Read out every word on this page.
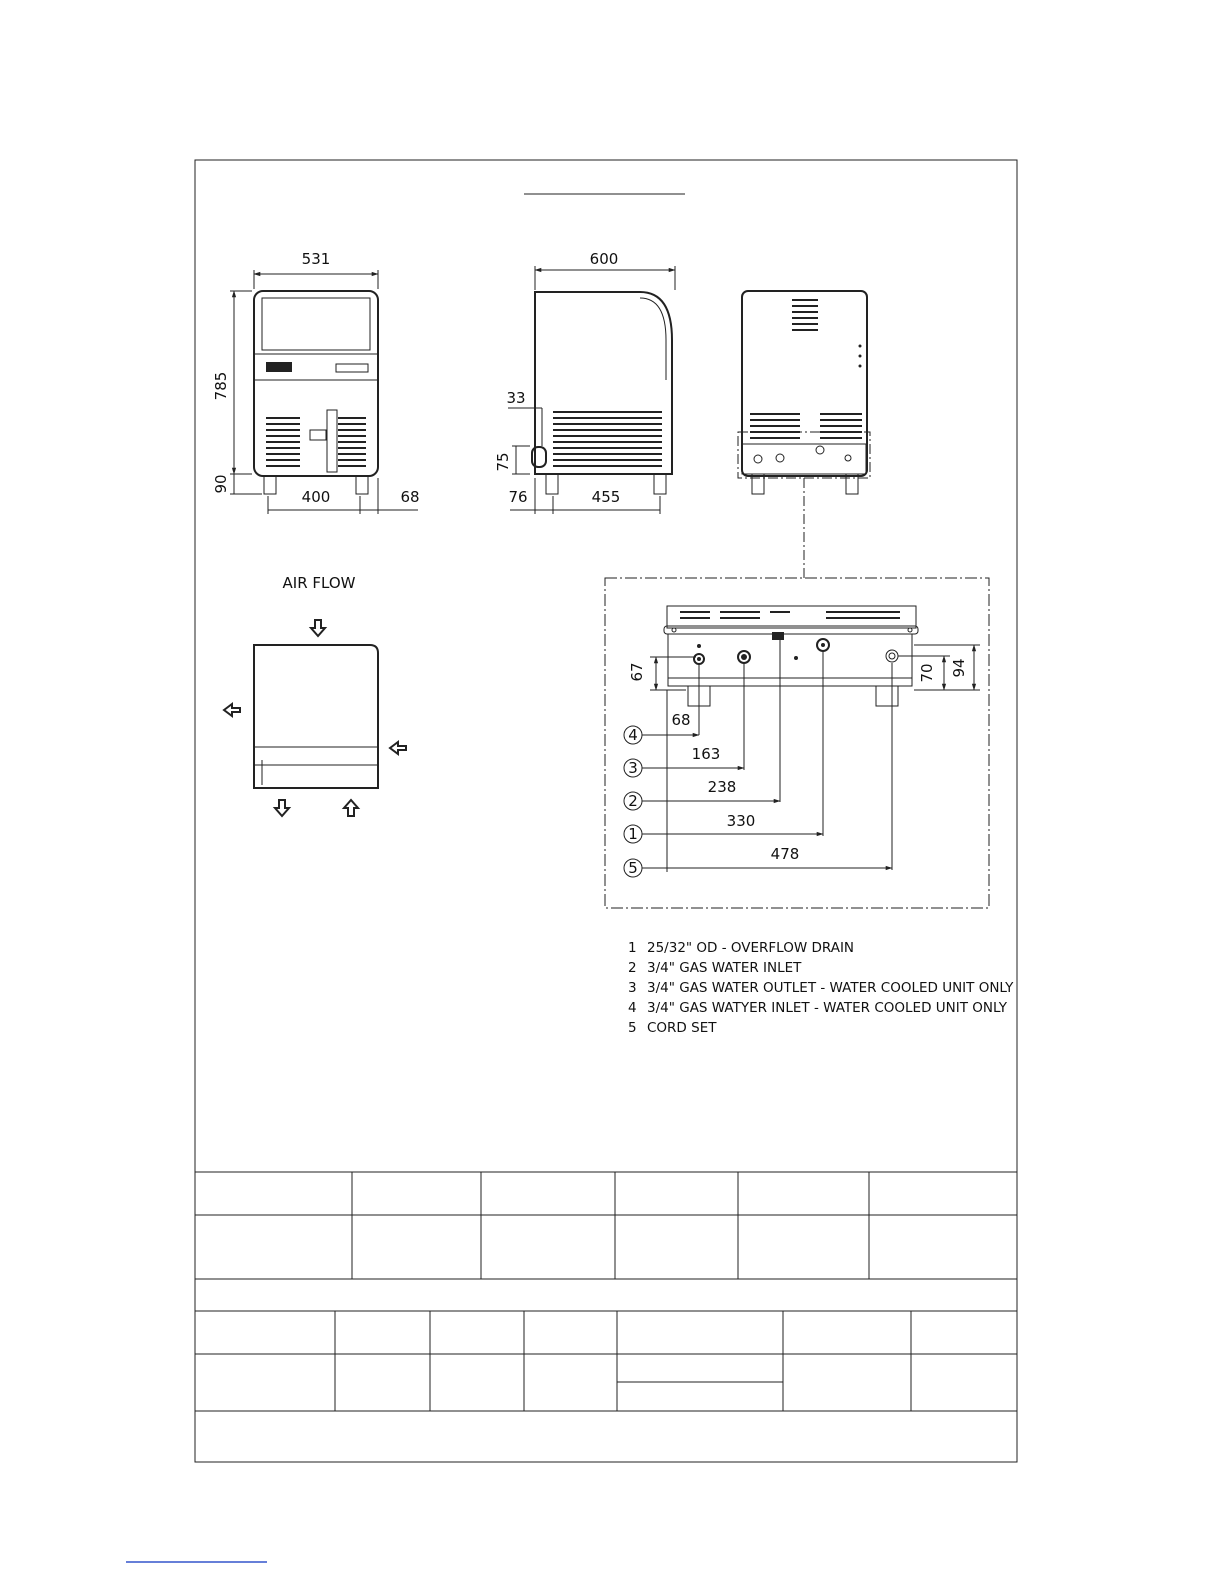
531
785
90
400	68
600
33
75
76	455
AIR FLOW
67	70 94
4
68
3
163
2
238
1
330
5
478
1 25/32" OD - OVERFLOW DRAIN
2 3/4" GAS WATER INLET
3 3/4" GAS WATER OUTLET - WATER COOLED UNIT ONLY
4 3/4" GAS WATYER INLET - WATER COOLED UNIT ONLY
5 CORD SET
